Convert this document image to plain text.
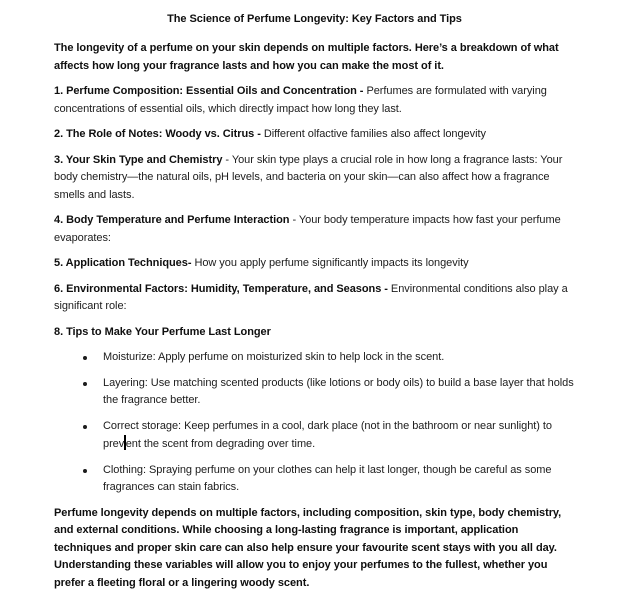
The Science of Perfume Longevity: Key Factors and Tips

The longevity of a perfume on your skin depends on multiple factors. Here’s a breakdown of what affects how long your fragrance lasts and how you can make the most of it.

1. Perfume Composition: Essential Oils and Concentration - Perfumes are formulated with varying concentrations of essential oils, which directly impact how long they last.

2. The Role of Notes: Woody vs. Citrus - Different olfactive families also affect longevity

3. Your Skin Type and Chemistry - Your skin type plays a crucial role in how long a fragrance lasts: Your body chemistry—the natural oils, pH levels, and bacteria on your skin—can also affect how a fragrance smells and lasts.

4. Body Temperature and Perfume Interaction - Your body temperature impacts how fast your perfume evaporates:

5. Application Techniques- How you apply perfume significantly impacts its longevity

6. Environmental Factors: Humidity, Temperature, and Seasons - Environmental conditions also play a significant role:

8. Tips to Make Your Perfume Last Longer

Moisturize: Apply perfume on moisturized skin to help lock in the scent.
Layering: Use matching scented products (like lotions or body oils) to build a base layer that holds the fragrance better.
Correct storage: Keep perfumes in a cool, dark place (not in the bathroom or near sunlight) to prev ent the scent from degrading over time.
Clothing: Spraying perfume on your clothes can help it last longer, though be careful as some fragrances can stain fabrics.

Perfume longevity depends on multiple factors, including composition, skin type, body chemistry, and external conditions. While choosing a long-lasting fragrance is important, application techniques and proper skin care can also help ensure your favourite scent stays with you all day. Understanding these variables will allow you to enjoy your perfumes to the fullest, whether you prefer a fleeting floral or a lingering woody scent.
